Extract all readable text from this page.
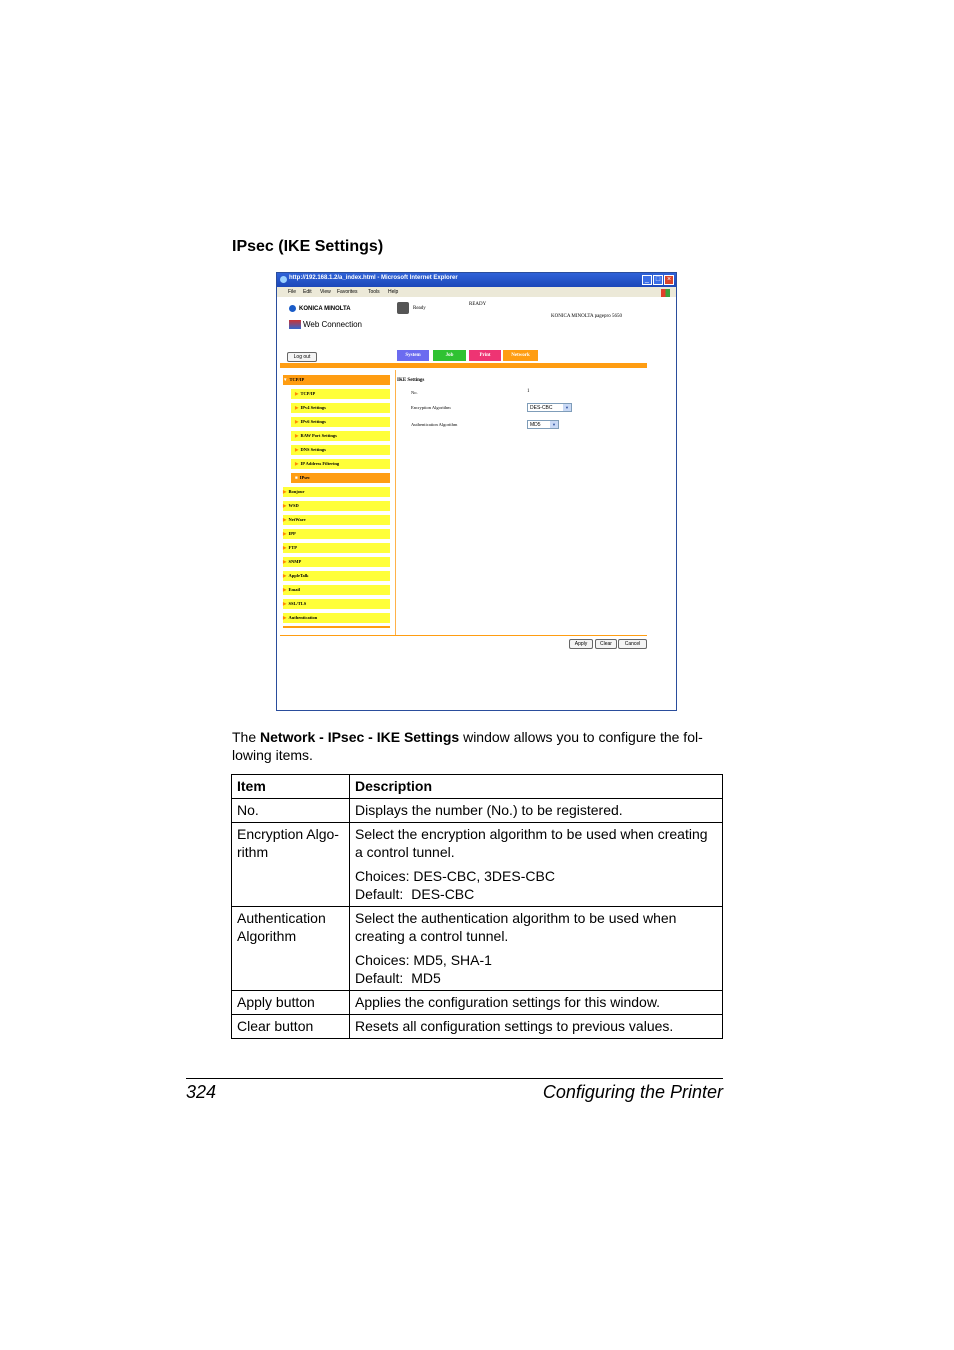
IPsec (IKE Settings)
http://192.168.1.2/a_index.html - Microsoft Internet Explorer	_ □ ×
File Edit View Favorites Tools Help
KONICA MINOLTA
Web Connection
Ready
READY
KONICA MINOLTA pagepro 5650
Log out	System	Job	Print	Network
▼ TCP/IP
▶ TCP/IP
▶ IPv4 Settings
▶ IPv6 Settings
▶ RAW Port Settings
▶ DNS Settings
▶ IP Address Filtering
■ IPsec
▶ Bonjour
▶ WSD
▶ NetWare
▶ IPP
▶ FTP
▶ SNMP
▶ AppleTalk
▶ Email
▶ SSL/TLS
▶ Authentication
IKE Settings
No.	1
Encryption Algorithm	DES-CBC	▼
Authentication Algorithm	MD5	▼
Apply	Clear	Cancel
The Network - IPsec - IKE Settings window allows you to configure the fol-lowing items.
Item	Description
No.	Displays the number (No.) to be registered.
Encryption Algo-rithm	Select the encryption algorithm to be used when creating a control tunnel.
Choices: DES-CBC, 3DES-CBC
Default: DES-CBC

Authentication Algorithm	Select the authentication algorithm to be used when creating a control tunnel.
Choices: MD5, SHA-1
Default: MD5

Apply button	Applies the configuration settings for this window.
Clear button	Resets all configuration settings to previous values.
324	Configuring the Printer
